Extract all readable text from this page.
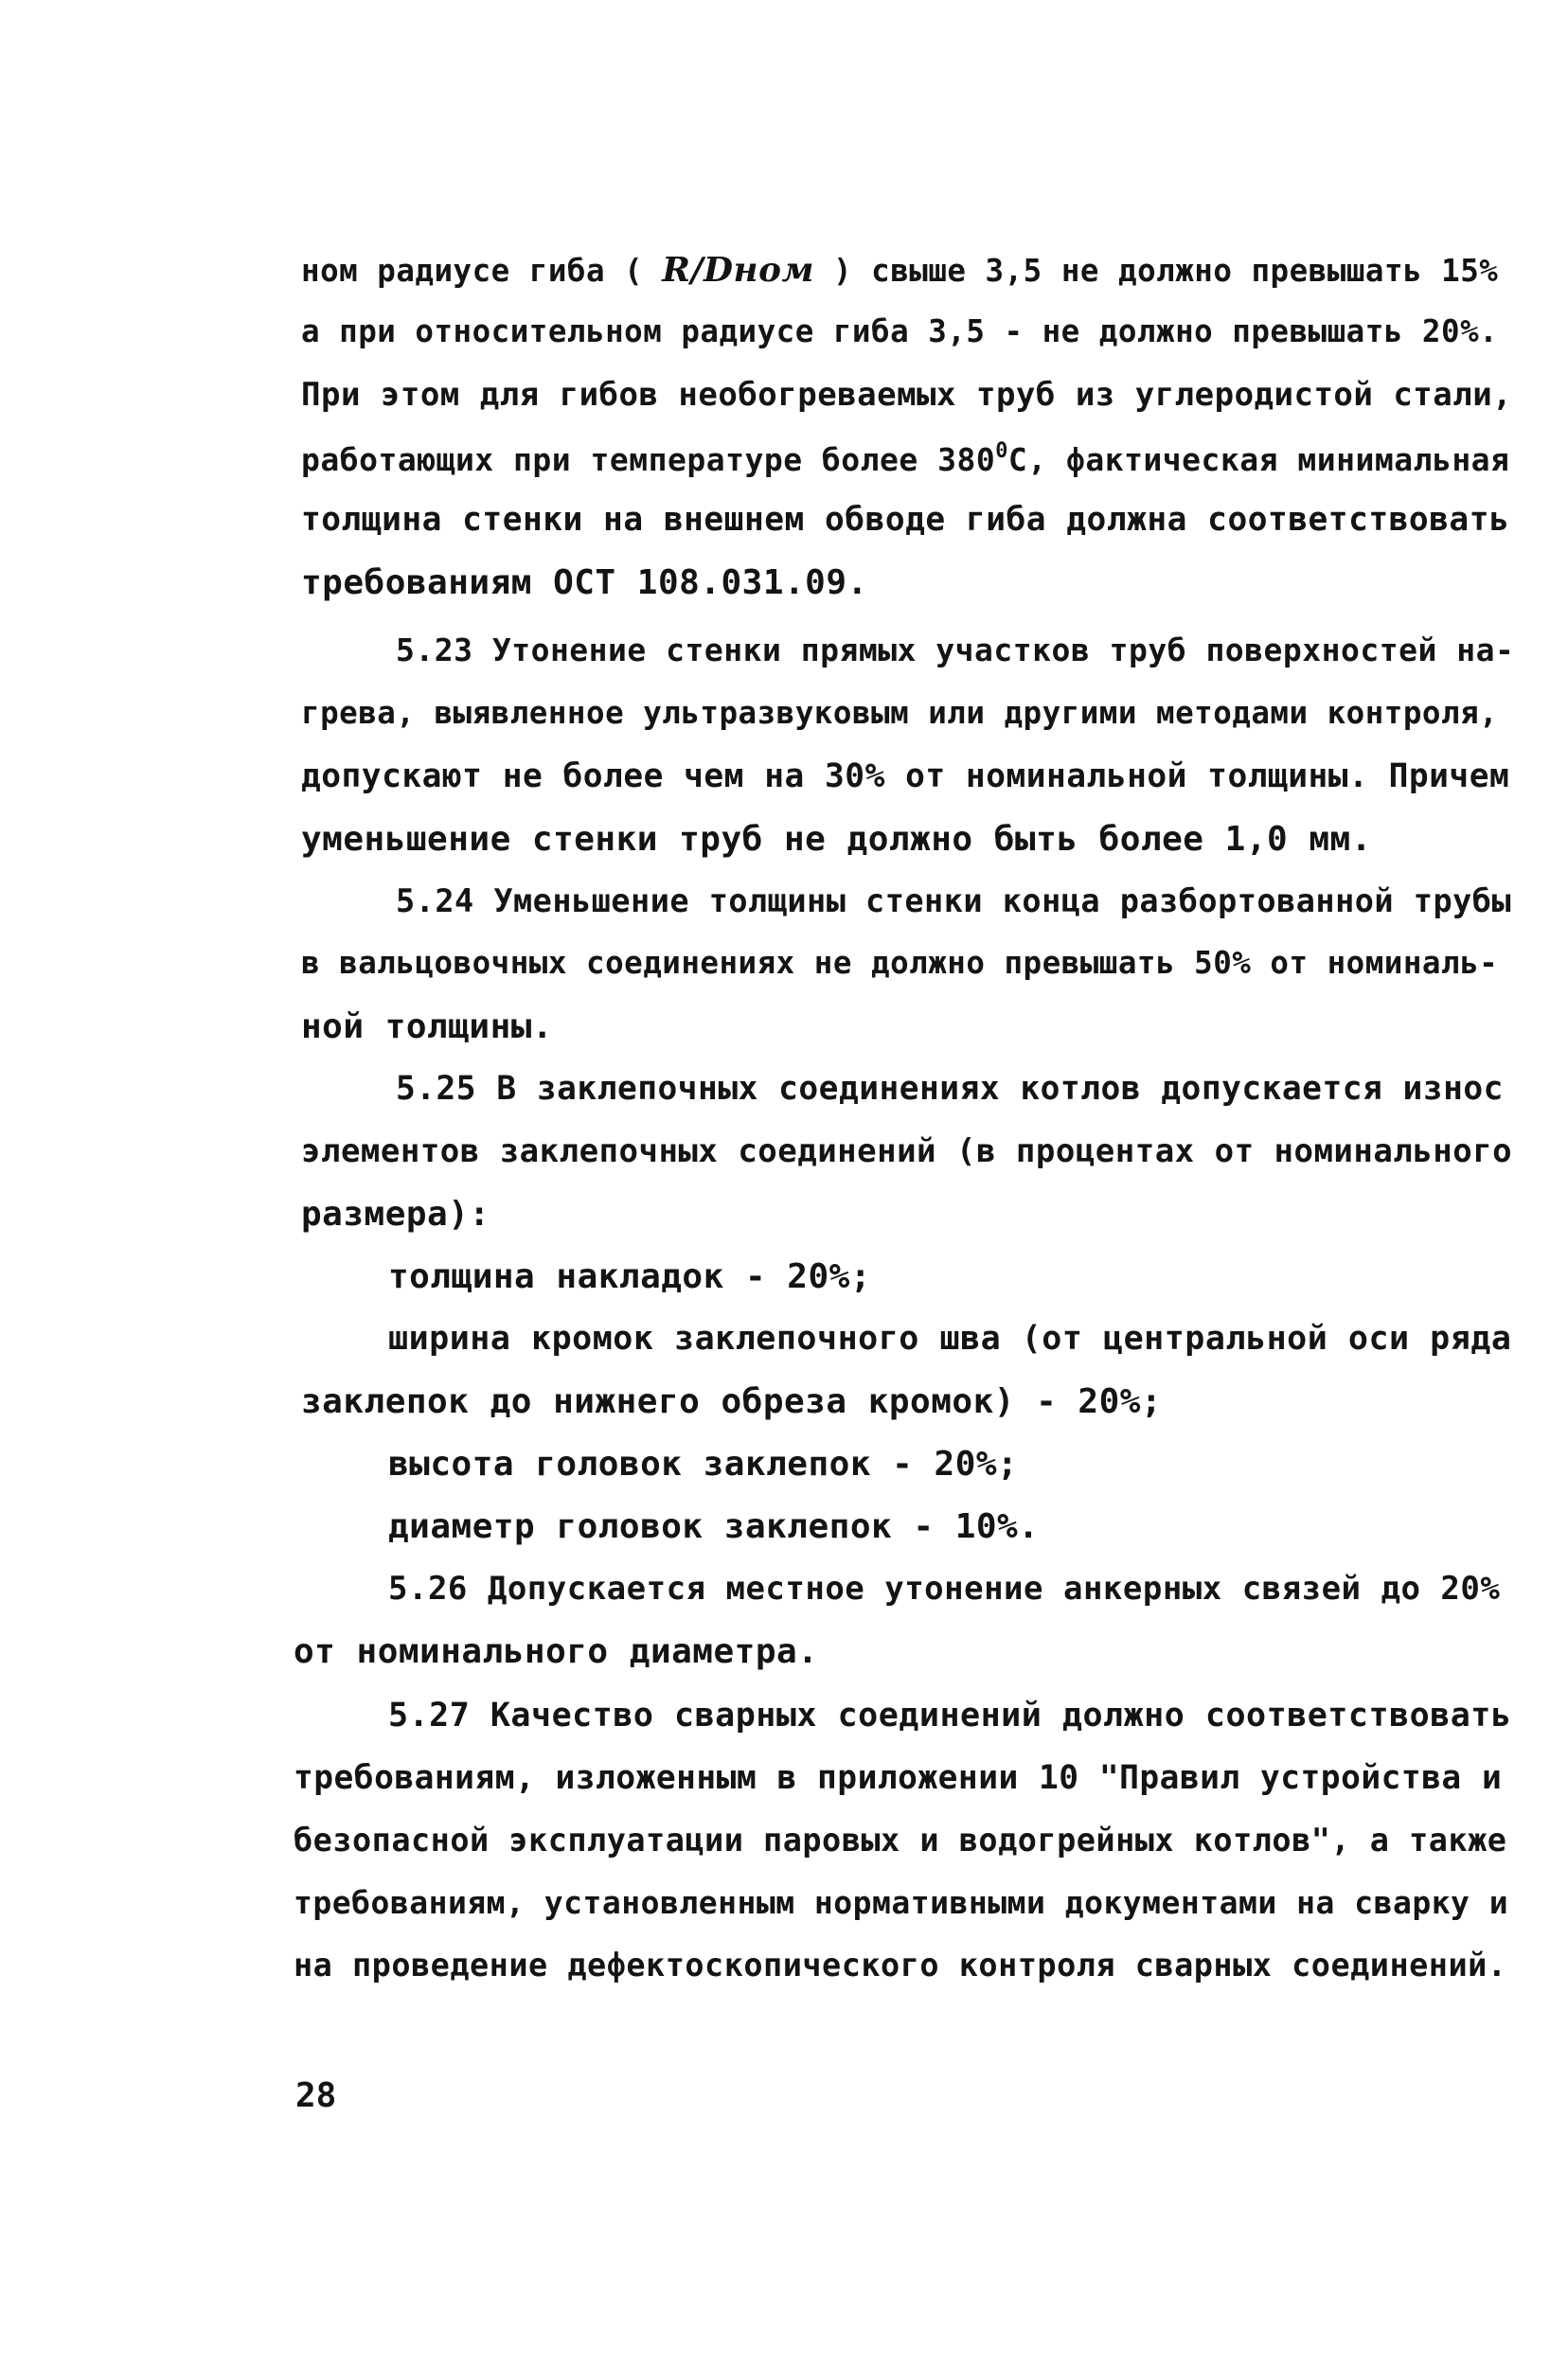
ном радиусе гиба ( R/Dном ) свыше 3,5 не должно превышать 15%
а при относительном радиусе гиба 3,5 - не должно превышать 20%.
При этом для гибов необогреваемых труб из углеродистой стали,
работающих при температуре более $380^0С$, фактическая минимальная
толщина стенки на внешнем обводе гиба должна соответствовать
требованиям ОСТ 108.031.09.
5.23 Утонение стенки прямых участков труб поверхностей на-
грева, выявленное ультразвуковым или другими методами контроля,
допускают не более чем на 30% от номинальной толщины. Причем
уменьшение стенки труб не должно быть более 1,0 мм.
5.24 Уменьшение толщины стенки конца разбортованной трубы
в вальцовочных соединениях не должно превышать 50% от номиналь-
ной толщины.
5.25 В заклепочных соединениях котлов допускается износ
элементов заклепочных соединений (в процентах от номинального
размера):
толщина накладок - 20%;
ширина кромок заклепочного шва (от центральной оси ряда
заклепок до нижнего обреза кромок) - 20%;
высота головок заклепок - 20%;
диаметр головок заклепок - 10%.
5.26 Допускается местное утонение анкерных связей до 20%
от номинального диаметра.
5.27 Качество сварных соединений должно соответствовать
требованиям, изложенным в приложении 10 "Правил устройства и
безопасной эксплуатации паровых и водогрейных котлов", а также
требованиям, установленным нормативными документами на сварку и
на проведение дефектоскопического контроля сварных соединений.
28
